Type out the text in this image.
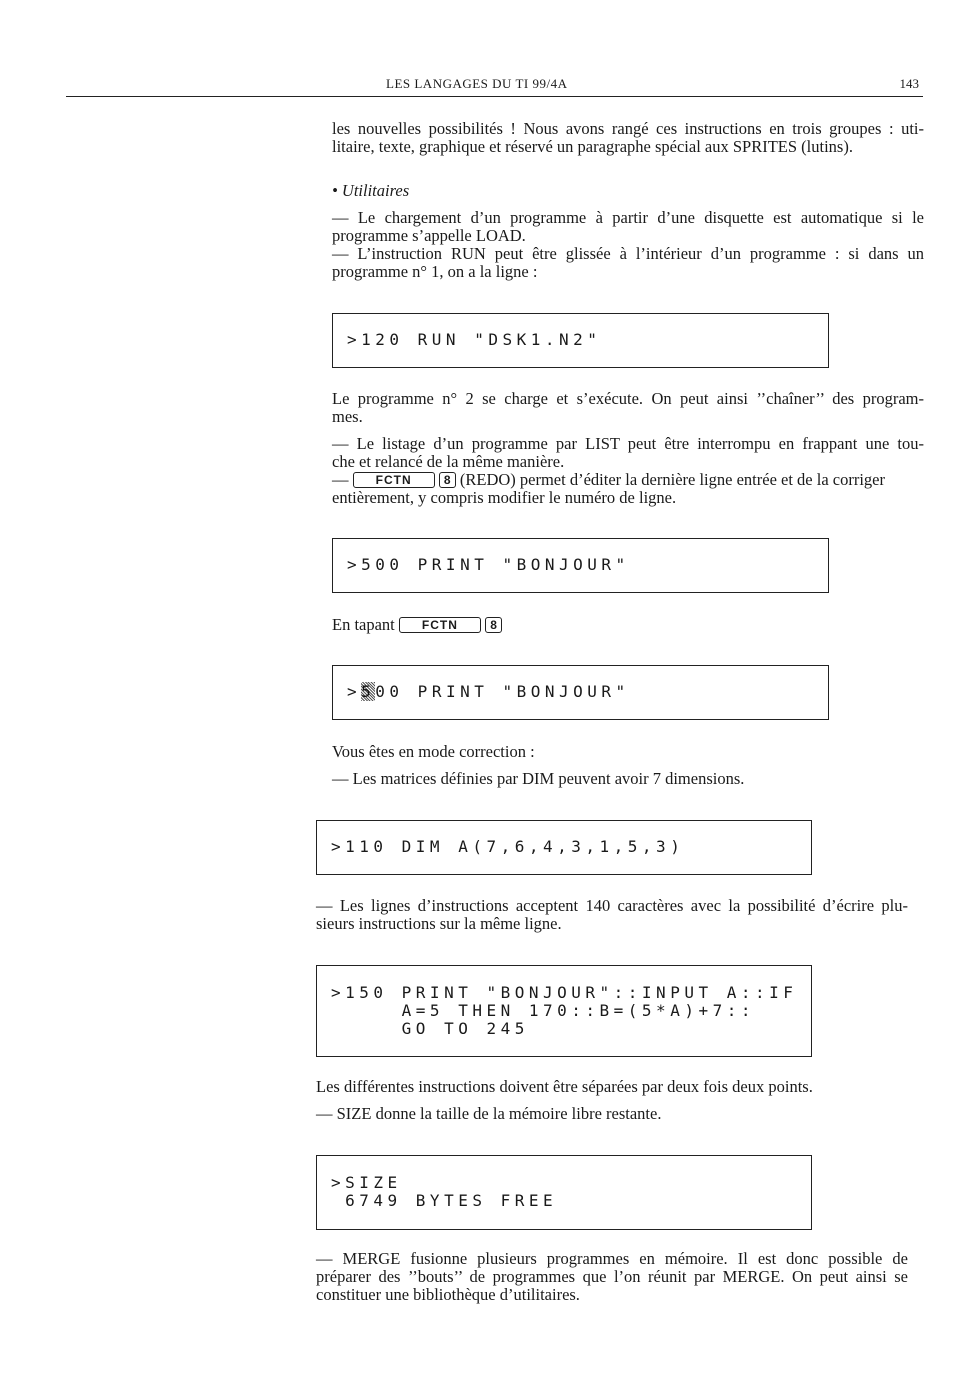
LES LANGAGES DU TI 99/4A	143
les nouvelles possibilités ! Nous avons rangé ces instructions en trois groupes : uti-
litaire, texte, graphique et réservé un paragraphe spécial aux SPRITES (lutins).
• Utilitaires
— Le chargement d’un programme à partir d’une disquette est automatique si le
programme s’appelle LOAD.
— L’instruction RUN peut être glissée à l’intérieur d’un programme : si dans un
programme n° 1, on a la ligne :
>120 RUN "DSK1.N2"
Le programme n° 2 se charge et s’exécute. On peut ainsi ’’chaîner’’ des program-
mes.
— Le listage d’un programme par LIST peut être interrompu en frappant une tou-
che et relancé de la même manière.
— FCTN	8 (REDO) permet d’éditer la dernière ligne entrée et de la corriger
entièrement, y compris modifier le numéro de ligne.
>500 PRINT "BONJOUR"
En tapant FCTN	8
>500 PRINT "BONJOUR"
Vous êtes en mode correction :
— Les matrices définies par DIM peuvent avoir 7 dimensions.
>110 DIM A(7,6,4,3,1,5,3)
— Les lignes d’instructions acceptent 140 caractères avec la possibilité d’écrire plu-
sieurs instructions sur la même ligne.
>150 PRINT "BONJOUR"::INPUT A::IF
A=5 THEN 170::B=(5*A)+7::
GO TO 245
Les différentes instructions doivent être séparées par deux fois deux points.
— SIZE donne la taille de la mémoire libre restante.
>SIZE
6749 BYTES FREE
— MERGE fusionne plusieurs programmes en mémoire. Il est donc possible de
préparer des ’’bouts’’ de programmes que l’on réunit par MERGE. On peut ainsi se
constituer une bibliothèque d’utilitaires.
